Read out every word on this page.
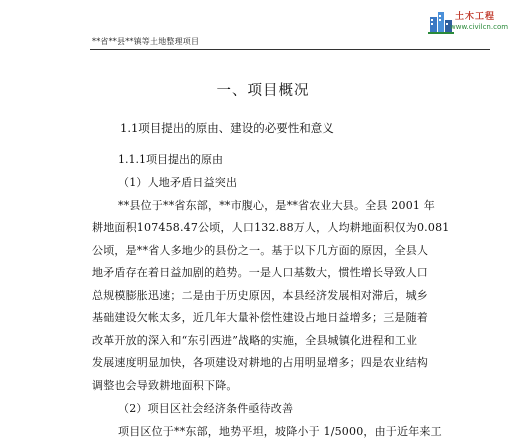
土木工程
www.civilcn.com
**省**县**镇等土地整理项目
一、项目概况
1.1项目提出的原由、建设的必要性和意义
1.1.1项目提出的原由
（1）人地矛盾日益突出
**县位于**省东部，**市腹心，是**省农业大县。全县 2001 年
耕地面积107458.47公顷，人口132.88万人，人均耕地面积仅为0.081
公顷，是**省人多地少的县份之一。基于以下几方面的原因，全县人
地矛盾存在着日益加剧的趋势。一是人口基数大，惯性增长导致人口
总规模膨胀迅速；二是由于历史原因，本县经济发展相对滞后，城乡
基础建设欠帐太多，近几年大量补偿性建设占地日益增多；三是随着
改革开放的深入和“东引西进”战略的实施，全县城镇化进程和工业
发展速度明显加快，各项建设对耕地的占用明显增多；四是农业结构
调整也会导致耕地面积下降。
（2）项目区社会经济条件亟待改善
项目区位于**东部，地势平坦，坡降小于 1/5000，由于近年来工
